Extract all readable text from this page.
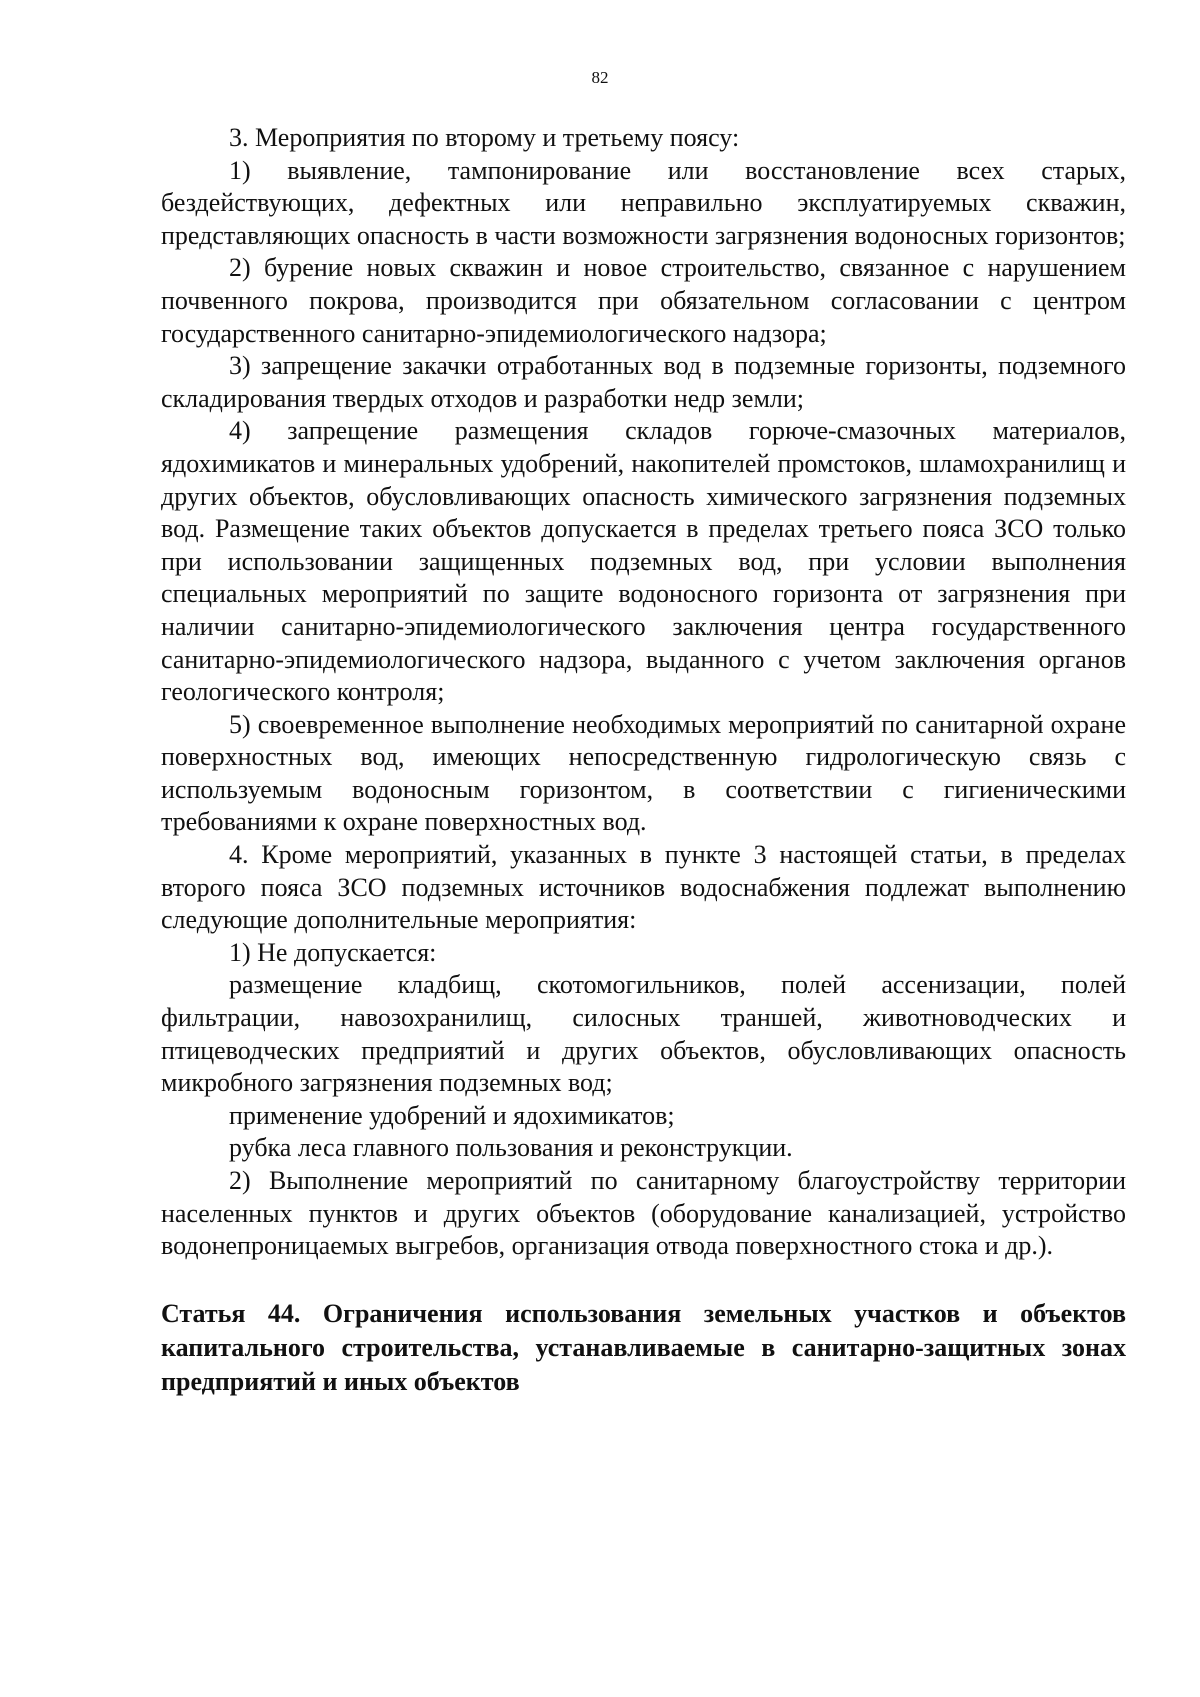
82

3. Мероприятия по второму и третьему поясу:

1) выявление, тампонирование или восстановление всех старых, бездействующих, дефектных или неправильно эксплуатируемых скважин, представляющих опасность в части возможности загрязнения водоносных горизонтов;

2) бурение новых скважин и новое строительство, связанное с нарушением почвенного покрова, производится при обязательном согласовании с центром государственного санитарно-эпидемиологического надзора;

3) запрещение закачки отработанных вод в подземные горизонты, подземного складирования твердых отходов и разработки недр земли;

4) запрещение размещения складов горюче-смазочных материалов, ядохимикатов и минеральных удобрений, накопителей промстоков, шламохранилищ и других объектов, обусловливающих опасность химического загрязнения подземных вод. Размещение таких объектов допускается в пределах третьего пояса ЗСО только при использовании защищенных подземных вод, при условии выполнения специальных мероприятий по защите водоносного горизонта от загрязнения при наличии санитарно-эпидемиологического заключения центра государственного санитарно-эпидемиологического надзора, выданного с учетом заключения органов геологического контроля;

5) своевременное выполнение необходимых мероприятий по санитарной охране поверхностных вод, имеющих непосредственную гидрологическую связь с используемым водоносным горизонтом, в соответствии с гигиеническими требованиями к охране поверхностных вод.

4. Кроме мероприятий, указанных в пункте 3 настоящей статьи, в пределах второго пояса ЗСО подземных источников водоснабжения подлежат выполнению следующие дополнительные мероприятия:

1) Не допускается:

размещение кладбищ, скотомогильников, полей ассенизации, полей фильтрации, навозохранилищ, силосных траншей, животноводческих и птицеводческих предприятий и других объектов, обусловливающих опасность микробного загрязнения подземных вод;

применение удобрений и ядохимикатов;

рубка леса главного пользования и реконструкции.

2) Выполнение мероприятий по санитарному благоустройству территории населенных пунктов и других объектов (оборудование канализацией, устройство водонепроницаемых выгребов, организация отвода поверхностного стока и др.).

Статья 44. Ограничения использования земельных участков и объектов капитального строительства, устанавливаемые в санитарно-защитных зонах предприятий и иных объектов
